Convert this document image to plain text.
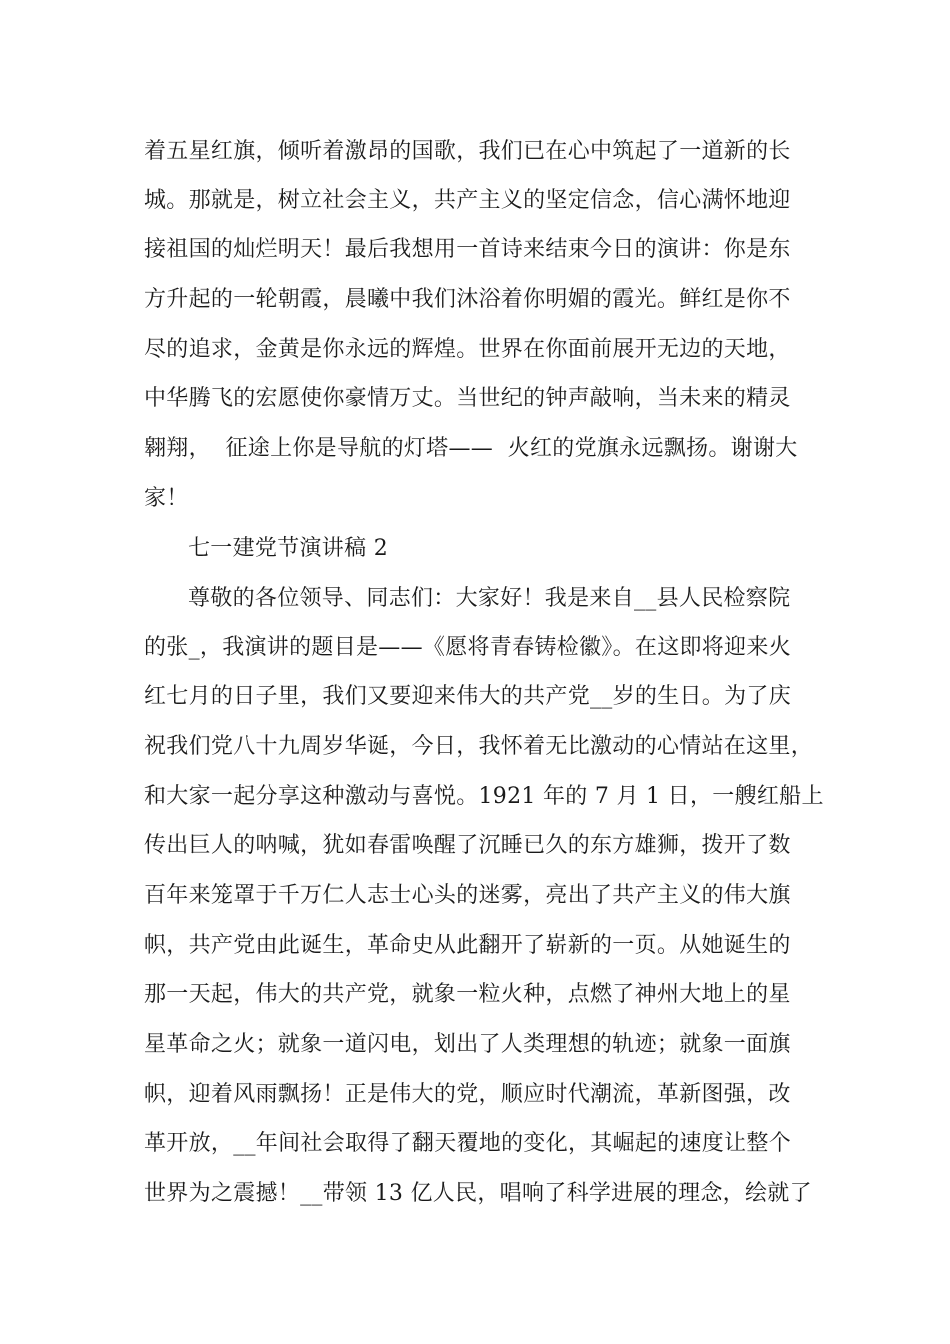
着五星红旗，倾听着激昂的国歌，我们已在心中筑起了一道新的长
城。那就是，树立社会主义，共产主义的坚定信念，信心满怀地迎
接祖国的灿烂明天！最后我想用一首诗来结束今日的演讲：你是东
方升起的一轮朝霞，晨曦中我们沐浴着你明媚的霞光。鲜红是你不
尽的追求，金黄是你永远的辉煌。世界在你面前展开无边的天地，
中华腾飞的宏愿使你豪情万丈。当世纪的钟声敲响，当未来的精灵
翱翔，  征途上你是导航的灯塔——  火红的党旗永远飘扬。谢谢大
家！
七一建党节演讲稿 2
尊敬的各位领导、同志们：大家好！我是来自__县人民检察院
的张_，我演讲的题目是——《愿将青春铸检徽》。在这即将迎来火
红七月的日子里，我们又要迎来伟大的共产党__岁的生日。为了庆
祝我们党八十九周岁华诞，今日，我怀着无比激动的心情站在这里，
和大家一起分享这种激动与喜悦。1921 年的 7 月 1 日，一艘红船上
传出巨人的呐喊，犹如春雷唤醒了沉睡已久的东方雄狮，拨开了数
百年来笼罩于千万仁人志士心头的迷雾，亮出了共产主义的伟大旗
帜，共产党由此诞生，革命史从此翻开了崭新的一页。从她诞生的
那一天起，伟大的共产党，就象一粒火种，点燃了神州大地上的星
星革命之火；就象一道闪电，划出了人类理想的轨迹；就象一面旗
帜，迎着风雨飘扬！正是伟大的党，顺应时代潮流，革新图强，改
革开放，__年间社会取得了翻天覆地的变化，其崛起的速度让整个
世界为之震撼！__带领 13 亿人民，唱响了科学进展的理念，绘就了
